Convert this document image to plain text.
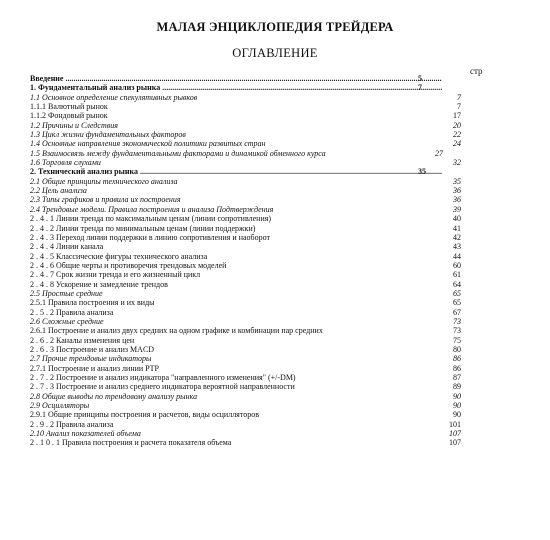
МАЛАЯ ЭНЦИКЛОПЕДИЯ ТРЕЙДЕРА
ОГЛАВЛЕНИЕ
стр
Введение .....	5
1. Фундаментальный анализ рынка .....	7
1.1 Основное определение спекулятивных рывков	7
1.1.1 Валютный рынок	7
1.1.2 Фондовый рынок	17
1.2 Причины и Следствия	20
1.3 Цикл жизни фундаментальных факторов	22
1.4 Основные направления экономической политики развитых стран	24
1.5 Взаимосвязь между фундаментальными факторами и динамикой обменного курса	27
1.6 Торговля слухами	32
2. Технический анализ рынка .....	35
2.1 Общие принципы технического анализа	35
2.2 Цель анализа	36
2.3 Типы графиков и правила их построения	36
2.4 Трендовые модели. Правила построения и анализа Подтверждения	39
2 . 4 . 1 Линии тренда по максимальным ценам (линии сопротивления)	40
2 . 4 . 2 Линии тренда по минимальным ценам (линии поддержки)	41
2 . 4 . 3 Переход линии поддержки в линию сопротивления и наоборот	42
2 . 4 . 4 Линии канала	43
2 . 4 . 5 Классические фигуры технического анализа	44
2 . 4 . 6 Общие черты и противоречия трендовых моделей	60
2 . 4 . 7 Срок жизни тренда и его жизненный цикл	61
2 . 4 . 8 Ускорение и замедление трендов	64
2.5 Простые средние	65
2.5.1 Правила построения и их виды	65
2 . 5 . 2 Правила анализа	67
2.6 Сложные средние	73
2.6.1 Построение и анализ двух средних на одном графике и комбинации пар средних	73
2 . 6 . 2 Каналы изменения цен	75
2 . 6 . 3 Построение и анализ MACD	80
2.7 Прочие трендовые индикаторы	86
2.7.1 Построение и анализ линии PTP	86
2 . 7 . 2 Построение и анализ индикатора "направленного изменения" (+/-DM)	87
2 . 7 . 3 Построение и анализ среднего индикатора вероятной направленности	89
2.8 Общие выводы по трендовому анализу рынка	90
2.9 Осцилляторы	90
2.9.1 Общие принципы построения и расчетов, виды осцилляторов	90
2 . 9 . 2 Правила анализа	101
2.10 Анализ показателей объема	107
2 . 1 0 . 1 Правила построения и расчета показателя объема	107
